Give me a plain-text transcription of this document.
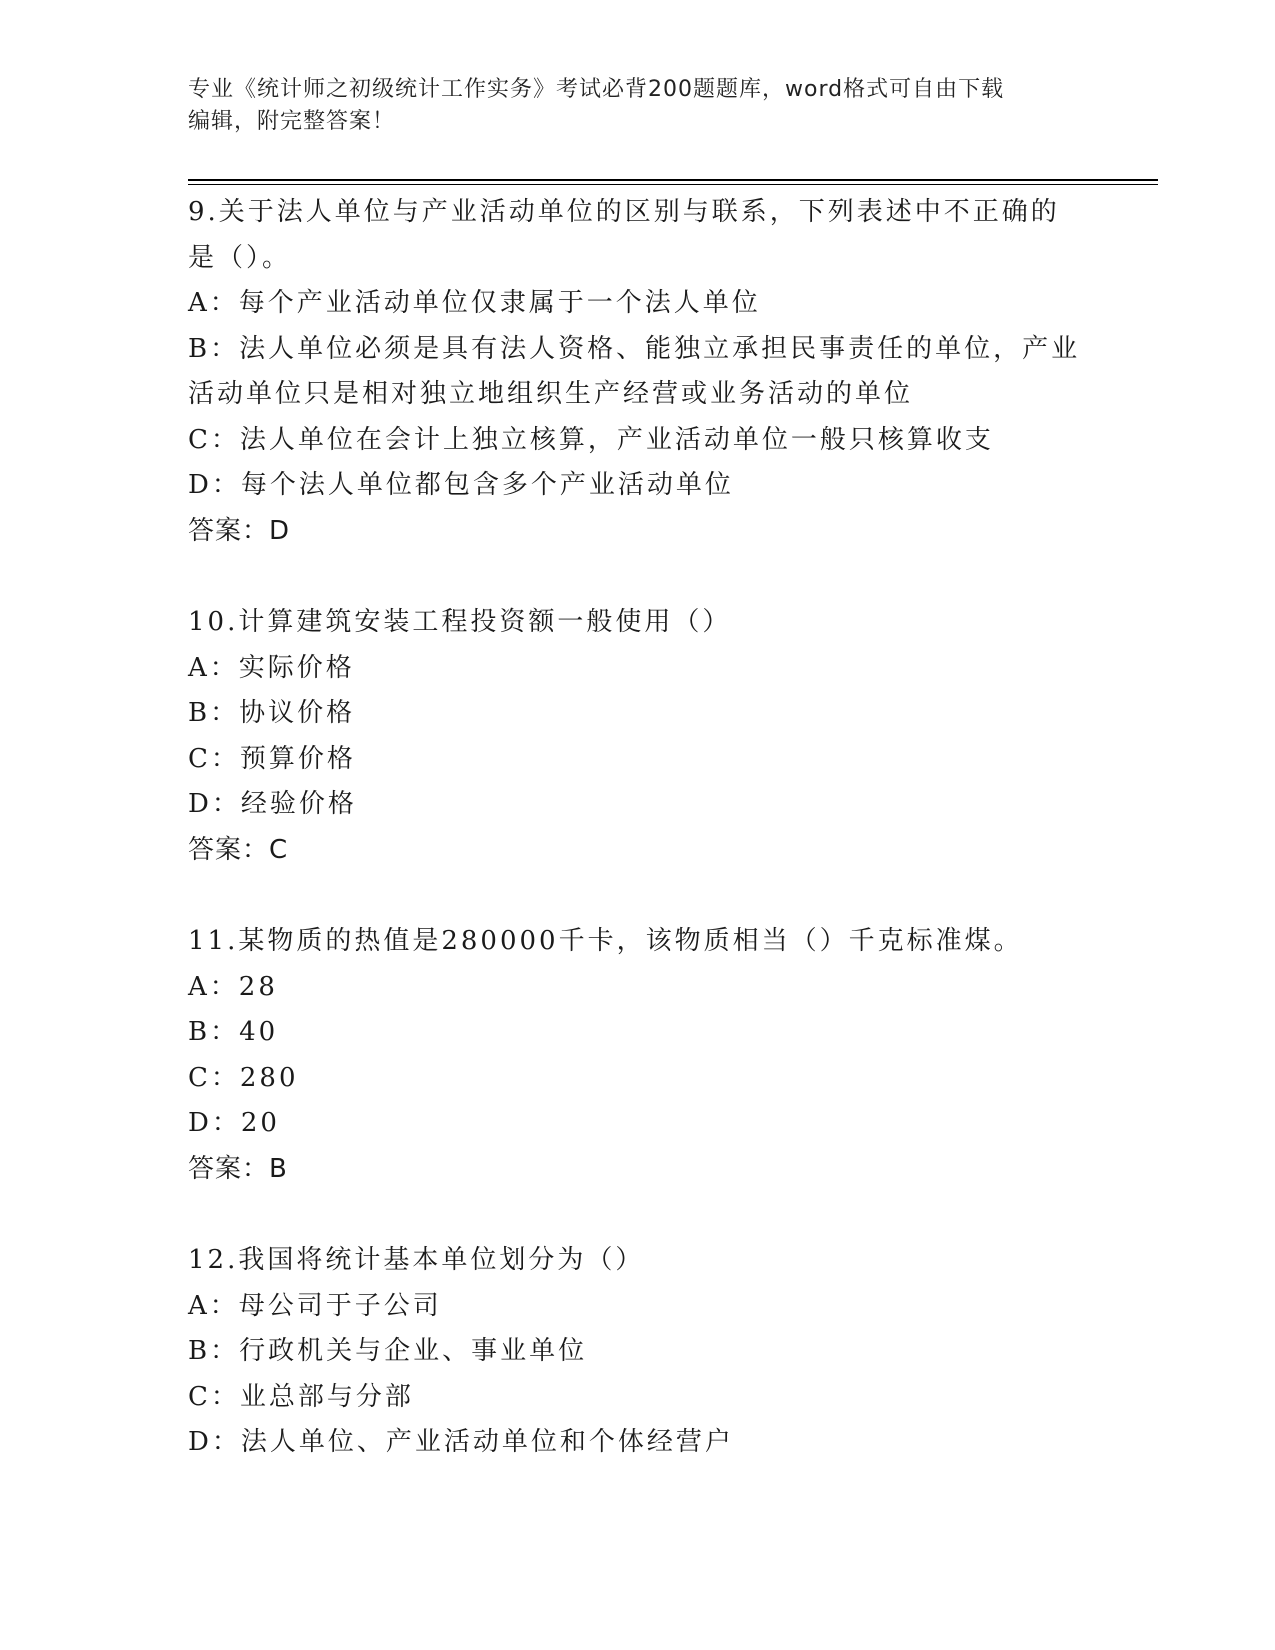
专业《统计师之初级统计工作实务》考试必背200题题库，word格式可自由下载
编辑，附完整答案！
9.关于法人单位与产业活动单位的区别与联系，下列表述中不正确的
是（）。
A：每个产业活动单位仅隶属于一个法人单位
B：法人单位必须是具有法人资格、能独立承担民事责任的单位，产业
活动单位只是相对独立地组织生产经营或业务活动的单位
C：法人单位在会计上独立核算，产业活动单位一般只核算收支
D：每个法人单位都包含多个产业活动单位
答案：D
10.计算建筑安装工程投资额一般使用（）
A：实际价格
B：协议价格
C：预算价格
D：经验价格
答案：C
11.某物质的热值是280000千卡，该物质相当（）千克标准煤。
A：28
B：40
C：280
D：20
答案：B
12.我国将统计基本单位划分为（）
A：母公司于子公司
B：行政机关与企业、事业单位
C：业总部与分部
D：法人单位、产业活动单位和个体经营户
